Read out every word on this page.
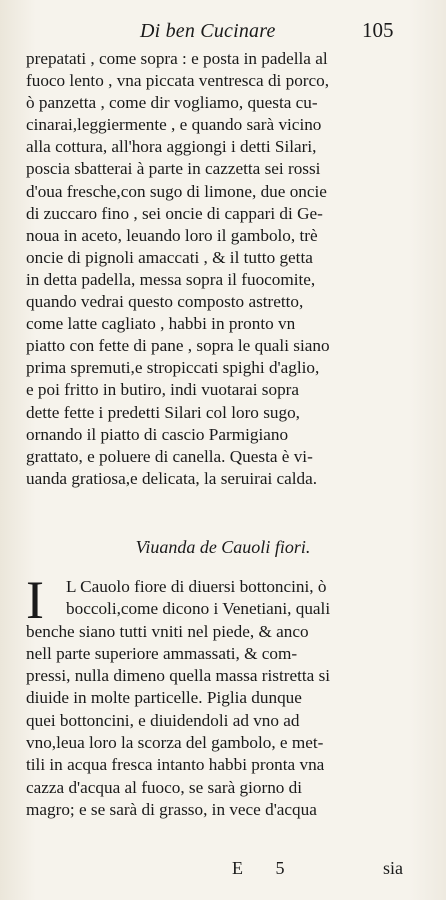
Di ben Cucinare	105
prepatati , come sopra : e posta in padella al
fuoco lento , vna piccata ventresca di porco,
ò panzetta , come dir vogliamo, questa cu-
cinarai,leggiermente , e quando sarà vicino
alla cottura, all'hora aggiongi i detti Silari,
poscia sbatterai à parte in cazzetta sei rossi
d'oua fresche,con sugo di limone, due oncie
di zuccaro fino , sei oncie di cappari di Ge-
noua in aceto, leuando loro il gambolo, trè
oncie di pignoli amaccati , & il tutto getta
in detta padella, messa sopra il fuocomite,
quando vedrai questo composto astretto,
come latte cagliato , habbi in pronto vn
piatto con fette di pane , sopra le quali siano
prima spremuti,e stropiccati spighi d'aglio,
e poi fritto in butiro, indi vuotarai sopra
dette fette i predetti Silari col loro sugo,
ornando il piatto di cascio Parmigiano
grattato, e poluere di canella. Questa è vi-
uanda gratiosa,e delicata, la seruirai calda.
Viuanda de Cauoli fiori.
I	L Cauolo fiore di diuersi bottoncini, ò
boccoli,come dicono i Venetiani, quali
benche siano tutti vniti nel piede, & anco
nell parte superiore ammassati, & com-
pressi, nulla dimeno quella massa ristretta si
diuide in molte particelle. Piglia dunque
quei bottoncini, e diuidendoli ad vno ad
vno,leua loro la scorza del gambolo, e met-
tili in acqua fresca intanto habbi pronta vna
cazza d'acqua al fuoco, se sarà giorno di
magro; e se sarà di grasso, in vece d'acqua
E 5	sia
